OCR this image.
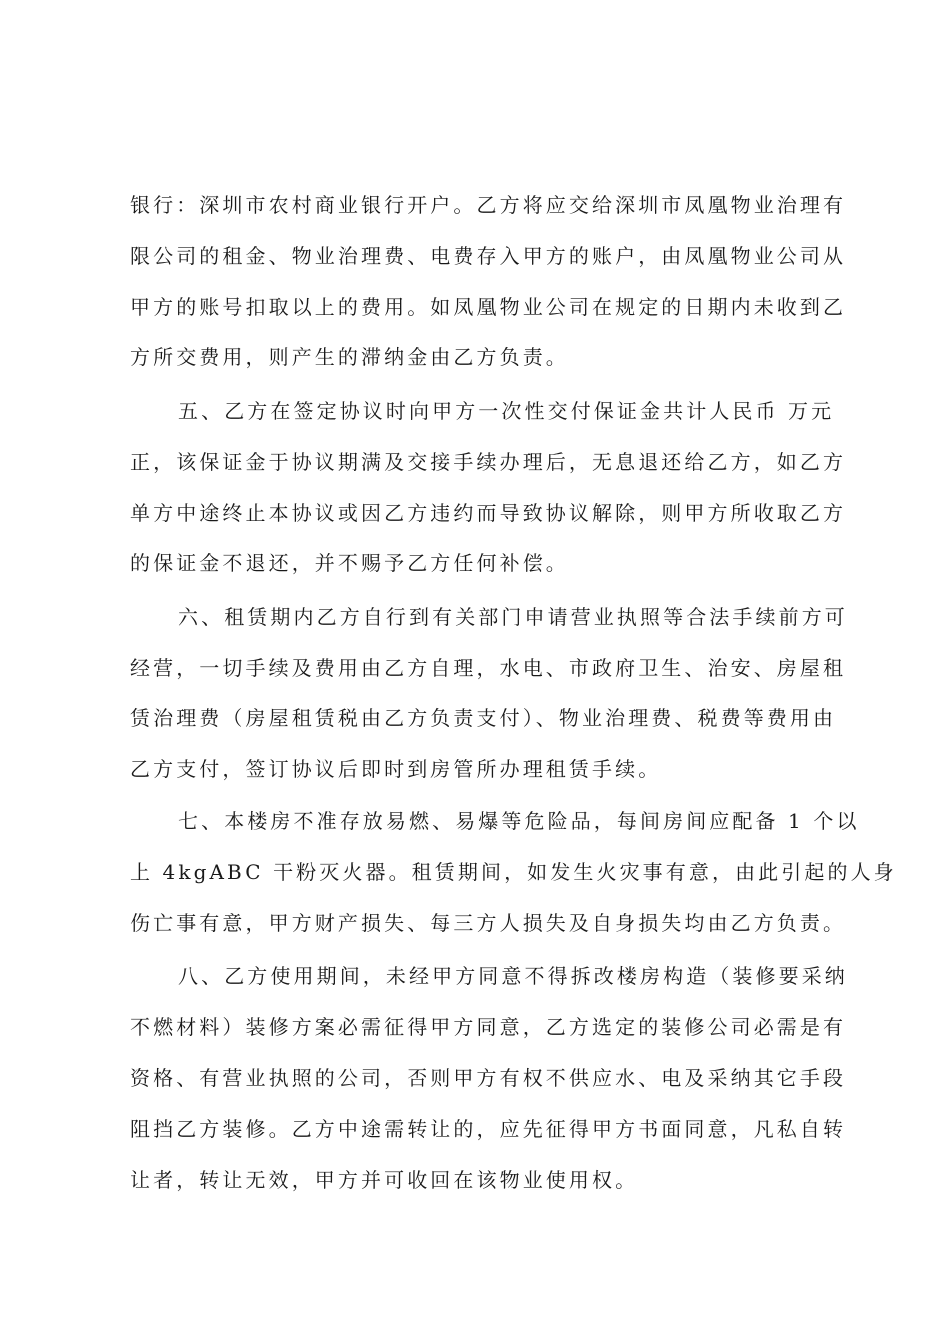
银行：深圳市农村商业银行开户。乙方将应交给深圳市凤凰物业治理有
限公司的租金、物业治理费、电费存入甲方的账户，由凤凰物业公司从
甲方的账号扣取以上的费用。如凤凰物业公司在规定的日期内未收到乙
方所交费用，则产生的滞纳金由乙方负责。
五、乙方在签定协议时向甲方一次性交付保证金共计人民币 万元
正，该保证金于协议期满及交接手续办理后，无息退还给乙方，如乙方
单方中途终止本协议或因乙方违约而导致协议解除，则甲方所收取乙方
的保证金不退还，并不赐予乙方任何补偿。
六、租赁期内乙方自行到有关部门申请营业执照等合法手续前方可
经营，一切手续及费用由乙方自理，水电、市政府卫生、治安、房屋租
赁治理费（房屋租赁税由乙方负责支付）、物业治理费、税费等费用由
乙方支付，签订协议后即时到房管所办理租赁手续。
七、本楼房不准存放易燃、易爆等危险品，每间房间应配备 1 个以
上 4kgABC 干粉灭火器。租赁期间，如发生火灾事有意，由此引起的人身
伤亡事有意，甲方财产损失、每三方人损失及自身损失均由乙方负责。
八、乙方使用期间，未经甲方同意不得拆改楼房构造（装修要采纳
不燃材料）装修方案必需征得甲方同意，乙方选定的装修公司必需是有
资格、有营业执照的公司，否则甲方有权不供应水、电及采纳其它手段
阻挡乙方装修。乙方中途需转让的，应先征得甲方书面同意，凡私自转
让者，转让无效，甲方并可收回在该物业使用权。
